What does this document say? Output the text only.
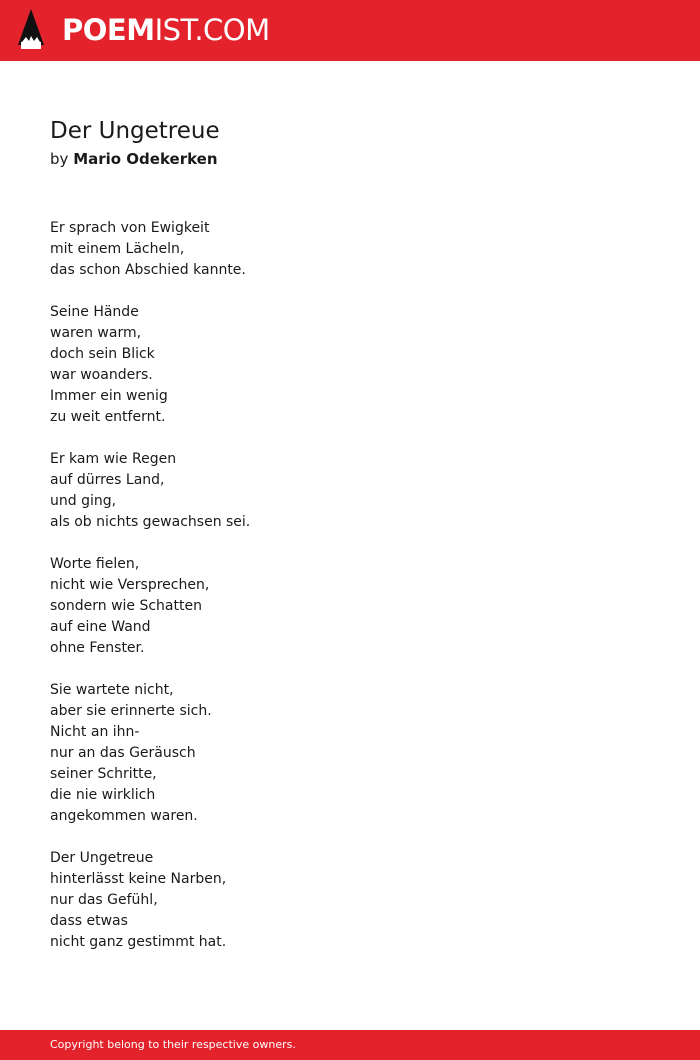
POEMIST.COM
Der Ungetreue
by Mario Odekerken
Er sprach von Ewigkeit
mit einem Lächeln,
das schon Abschied kannte.
Seine Hände
waren warm,
doch sein Blick
war woanders.
Immer ein wenig
zu weit entfernt.
Er kam wie Regen
auf dürres Land,
und ging,
als ob nichts gewachsen sei.
Worte fielen,
nicht wie Versprechen,
sondern wie Schatten
auf eine Wand
ohne Fenster.
Sie wartete nicht,
aber sie erinnerte sich.
Nicht an ihn-
nur an das Geräusch
seiner Schritte,
die nie wirklich
angekommen waren.
Der Ungetreue
hinterlässt keine Narben,
nur das Gefühl,
dass etwas
nicht ganz gestimmt hat.
Copyright belong to their respective owners.
